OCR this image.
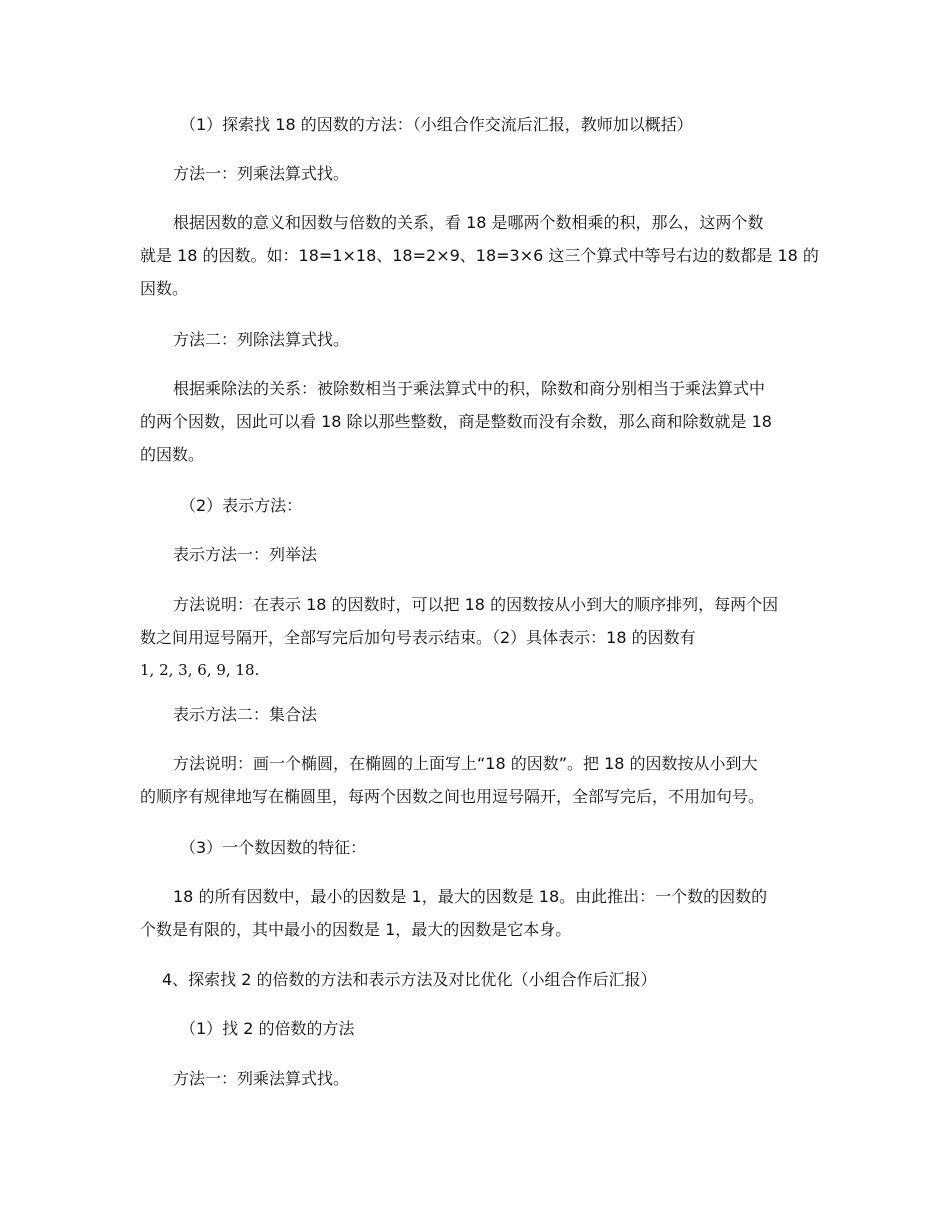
（1）探索找 18 的因数的方法：（小组合作交流后汇报，教师加以概括）
方法一：列乘法算式找。
根据因数的意义和因数与倍数的关系，看 18 是哪两个数相乘的积，那么，这两个数
就是 18 的因数。如：18=1×18、18=2×9、18=3×6 这三个算式中等号右边的数都是 18 的
因数。
方法二：列除法算式找。
根据乘除法的关系：被除数相当于乘法算式中的积，除数和商分别相当于乘法算式中
的两个因数，因此可以看 18 除以那些整数，商是整数而没有余数，那么商和除数就是 18
的因数。
（2）表示方法：
表示方法一：列举法
方法说明：在表示 18 的因数时，可以把 18 的因数按从小到大的顺序排列，每两个因
数之间用逗号隔开，全部写完后加句号表示结束。（2）具体表示：18 的因数有
1, 2, 3, 6, 9, 18.
表示方法二：集合法
方法说明：画一个椭圆，在椭圆的上面写上“18 的因数”。把 18 的因数按从小到大
的顺序有规律地写在椭圆里，每两个因数之间也用逗号隔开，全部写完后，不用加句号。
（3）一个数因数的特征：
18 的所有因数中，最小的因数是 1，最大的因数是 18。由此推出：一个数的因数的
个数是有限的，其中最小的因数是 1，最大的因数是它本身。
4、探索找 2 的倍数的方法和表示方法及对比优化（小组合作后汇报）
（1）找 2 的倍数的方法
方法一：列乘法算式找。
